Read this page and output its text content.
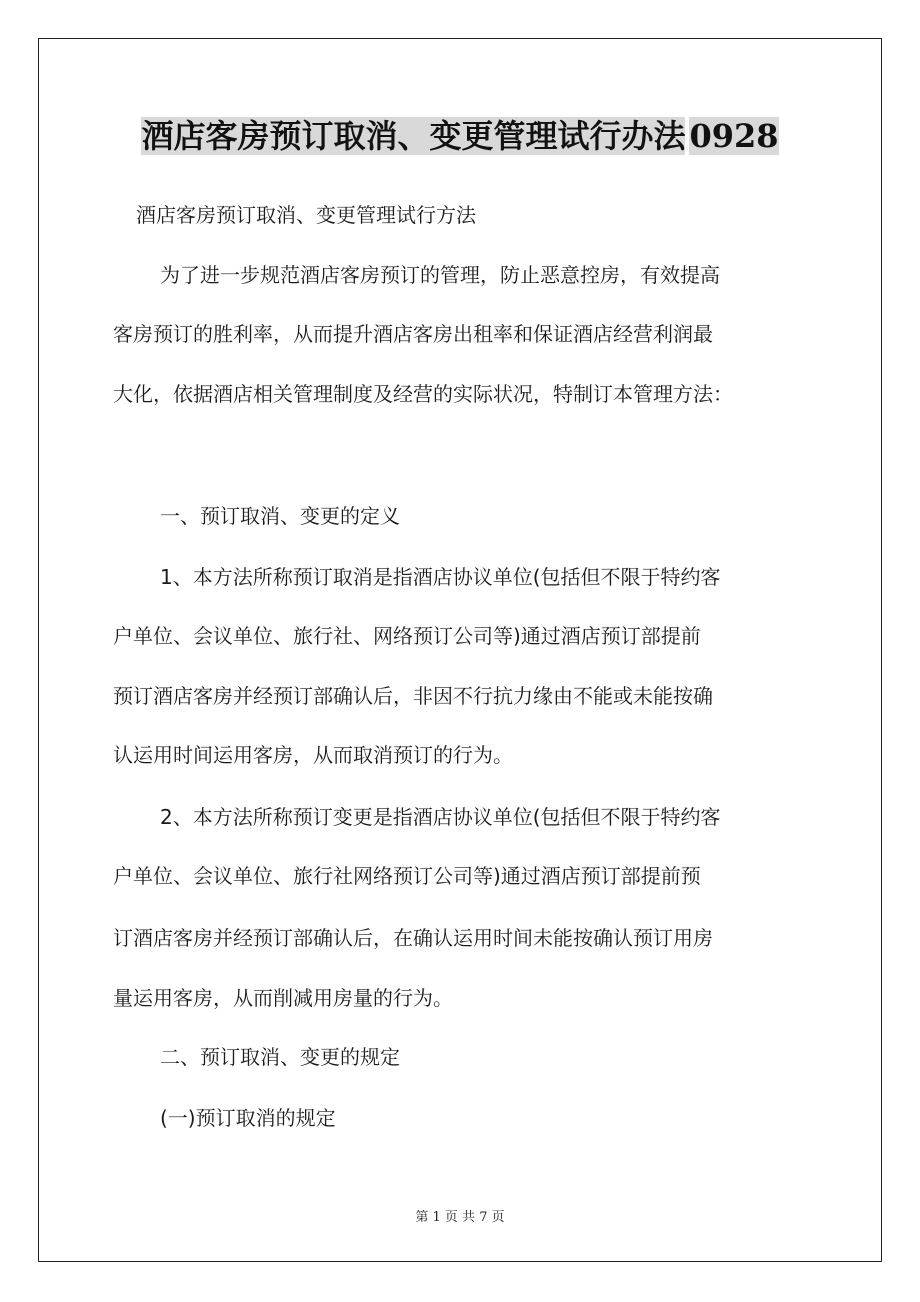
酒店客房预订取消、变更管理试行办法 0928
酒店客房预订取消、变更管理试行方法
为了进一步规范酒店客房预订的管理，防止恶意控房，有效提高
客房预订的胜利率，从而提升酒店客房出租率和保证酒店经营利润最
大化，依据酒店相关管理制度及经营的实际状况，特制订本管理方法：
一、预订取消、变更的定义
1、本方法所称预订取消是指酒店协议单位(包括但不限于特约客
户单位、会议单位、旅行社、网络预订公司等)通过酒店预订部提前
预订酒店客房并经预订部确认后，非因不行抗力缘由不能或未能按确
认运用时间运用客房，从而取消预订的行为。
2、本方法所称预订变更是指酒店协议单位(包括但不限于特约客
户单位、会议单位、旅行社网络预订公司等)通过酒店预订部提前预
订酒店客房并经预订部确认后，在确认运用时间未能按确认预订用房
量运用客房，从而削减用房量的行为。
二、预订取消、变更的规定
(一)预订取消的规定
第 1 页 共 7 页
